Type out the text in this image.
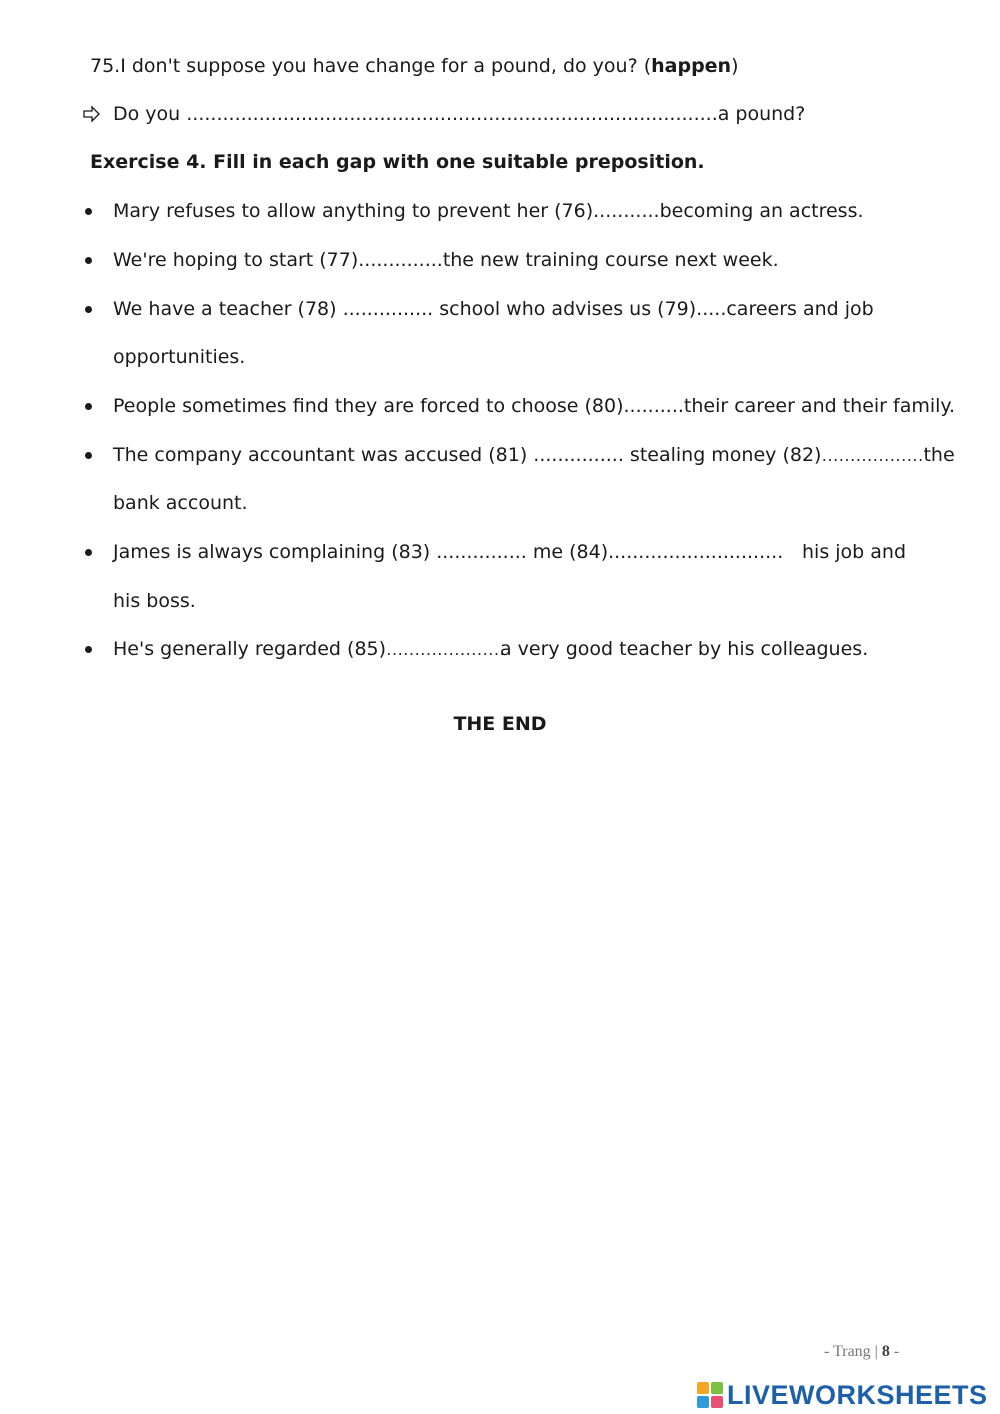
75.I don't suppose you have change for a pound, do you? (happen)
Do you ........................................................................................a pound?
Exercise 4. Fill in each gap with one suitable preposition.
Mary refuses to allow anything to prevent her (76)...........becoming an actress.
We're hoping to start (77)..............the new training course next week.
We have a teacher (78) ............... school who advises us (79).....careers and job
opportunities.
People sometimes find they are forced to choose (80)..........their career and their family.
The company accountant was accused (81) ............... stealing money (82)………………the
bank account.
James is always complaining (83) ............... me (84)............................. his job and
his boss.
He's generally regarded (85)…………………
a very good teacher by his colleagues.
THE END
- Trang | 8 -
LIVEWORKSHEETS
